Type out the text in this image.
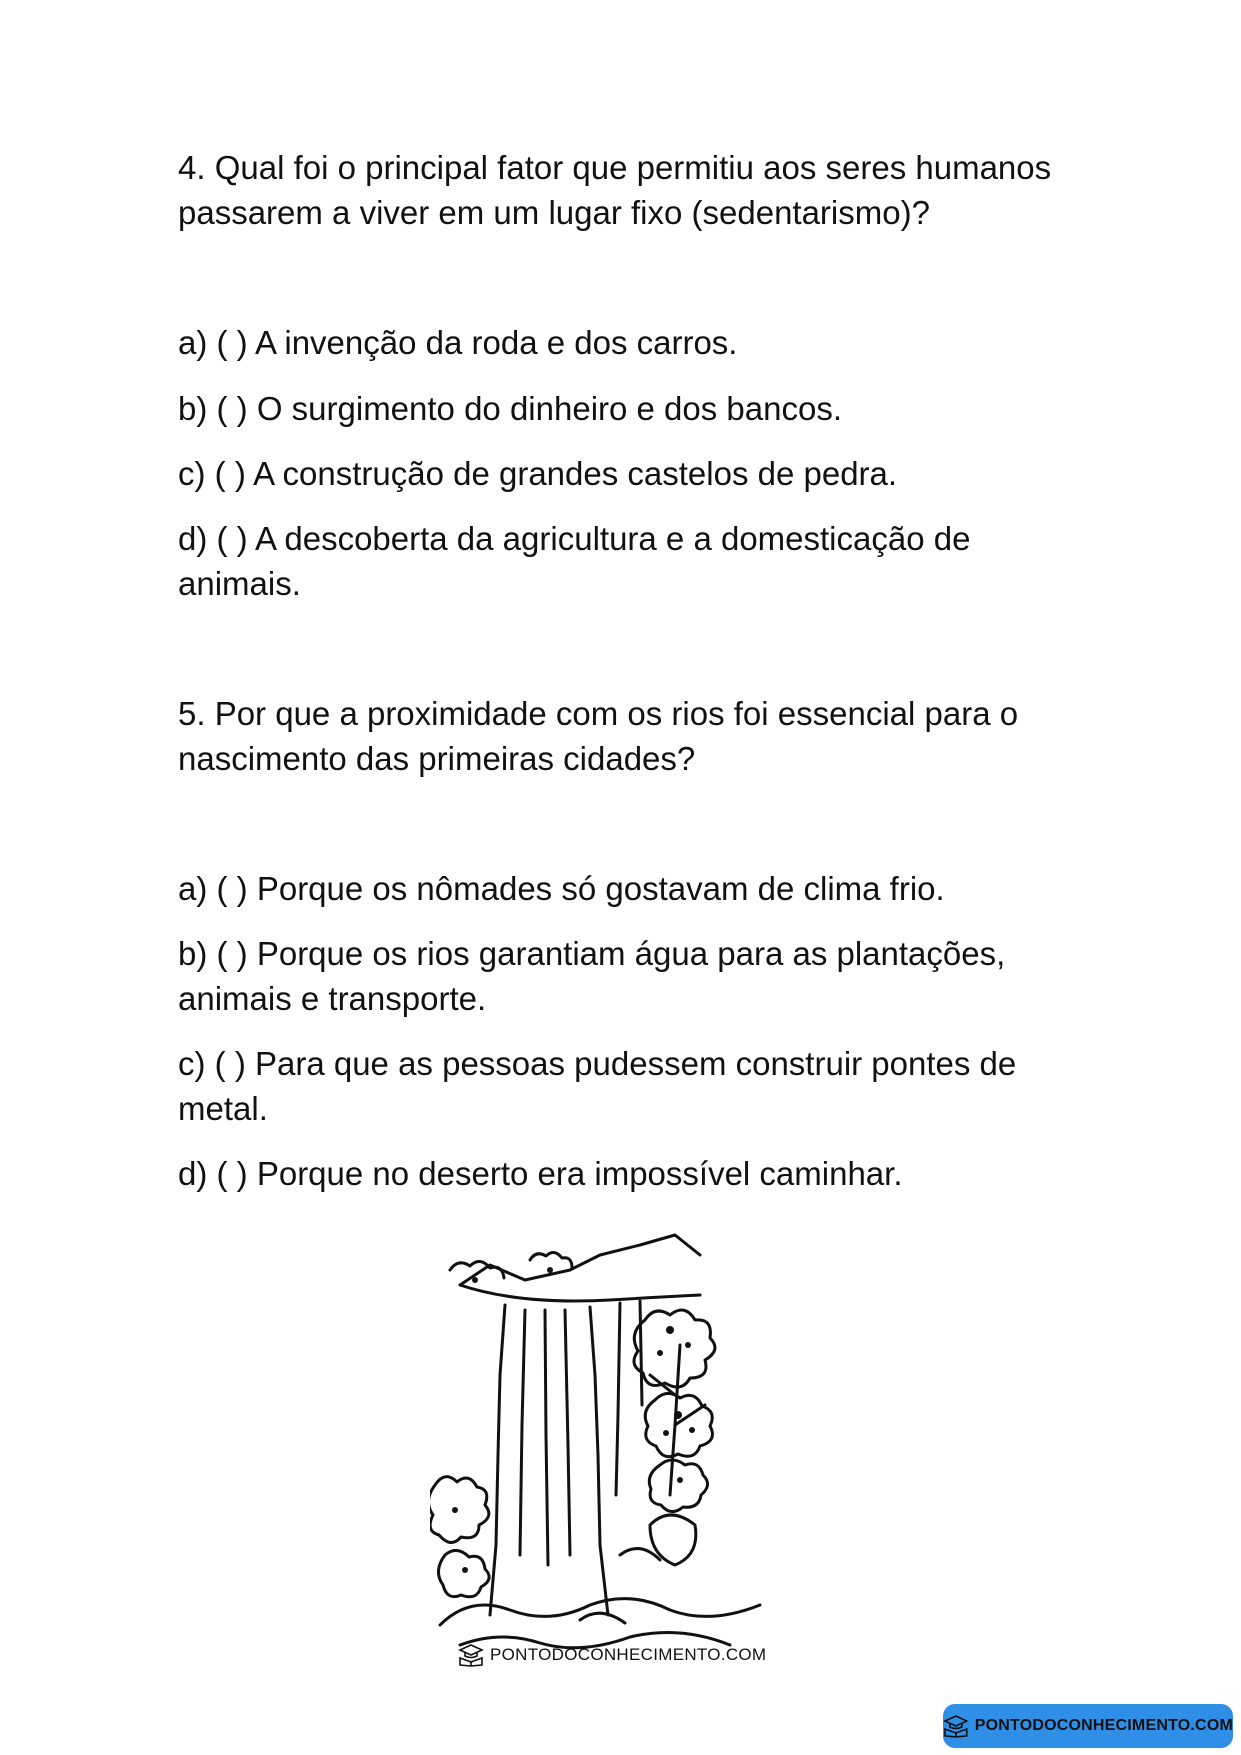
4. Qual foi o principal fator que permitiu aos seres humanos passarem a viver em um lugar fixo (sedentarismo)?
a) ( ) A invenção da roda e dos carros.
b) ( ) O surgimento do dinheiro e dos bancos.
c) ( ) A construção de grandes castelos de pedra.
d) ( ) A descoberta da agricultura e a domesticação de animais.
5. Por que a proximidade com os rios foi essencial para o nascimento das primeiras cidades?
a) ( ) Porque os nômades só gostavam de clima frio.
b) ( ) Porque os rios garantiam água para as plantações, animais e transporte.
c) ( ) Para que as pessoas pudessem construir pontes de metal.
d) ( ) Porque no deserto era impossível caminhar.
PONTODOCONHECIMENTO.COM
PONTODOCONHECIMENTO.COM
